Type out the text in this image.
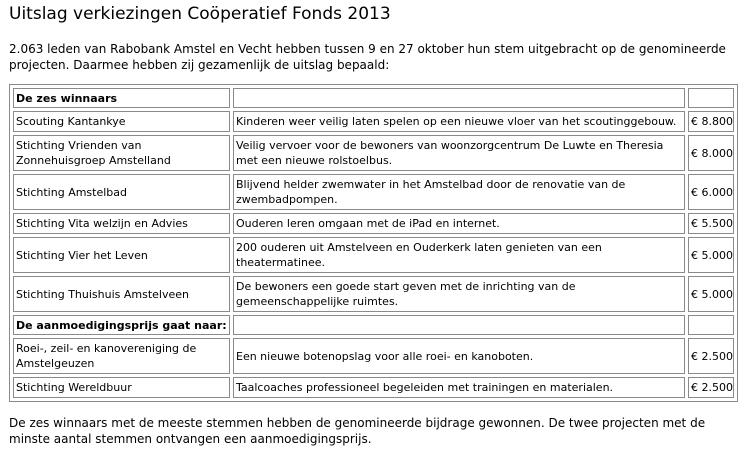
Uitslag verkiezingen Coöperatief Fonds 2013

2.063 leden van Rabobank Amstel en Vecht hebben tussen 9 en 27 oktober hun stem uitgebracht op de genomineerde projecten. Daarmee hebben zij gezamenlijk de uitslag bepaald:

De zes winnaars		
Scouting Kantankye	Kinderen weer veilig laten spelen op een nieuwe vloer van het scoutinggebouw.	€ 8.800
Stichting Vrienden van Zonnehuisgroep Amstelland	Veilig vervoer voor de bewoners van woonzorgcentrum De Luwte en Theresia met een nieuwe rolstoelbus.	€ 8.000
Stichting Amstelbad	Blijvend helder zwemwater in het Amstelbad door de renovatie van de zwembadpompen.	€ 6.000
Stichting Vita welzijn en Advies	Ouderen leren omgaan met de iPad en internet.	€ 5.500
Stichting Vier het Leven	200 ouderen uit Amstelveen en Ouderkerk laten genieten van een theatermatinee.	€ 5.000
Stichting Thuishuis Amstelveen	De bewoners een goede start geven met de inrichting van de gemeenschappelijke ruimtes.	€ 5.000
De aanmoedigingsprijs gaat naar:		
Roei-, zeil- en kanovereniging de Amstelgeuzen	Een nieuwe botenopslag voor alle roei- en kanoboten.	€ 2.500
Stichting Wereldbuur	Taalcoaches professioneel begeleiden met trainingen en materialen.	€ 2.500

De zes winnaars met de meeste stemmen hebben de genomineerde bijdrage gewonnen. De twee projecten met de minste aantal stemmen ontvangen een aanmoedigingsprijs.
